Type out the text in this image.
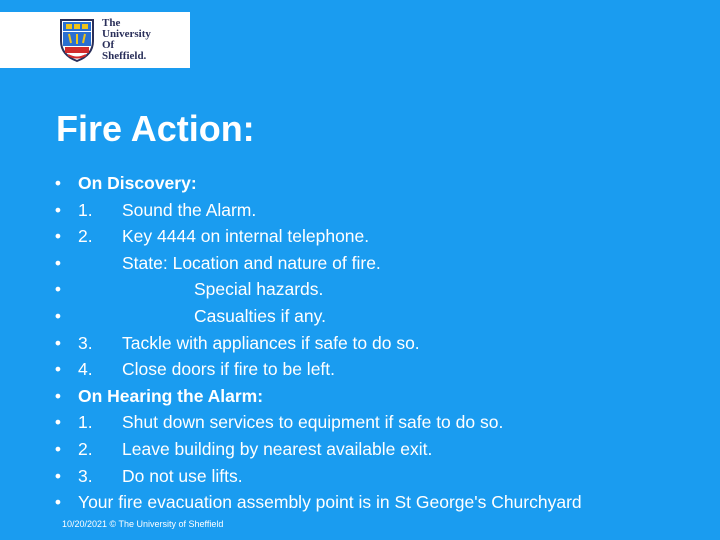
The
University
Of
Sheffield.
Fire Action:
• On Discovery:
• 1. Sound the Alarm.
• 2. Key 4444 on internal telephone.
•	State: Location and nature of fire.
•	Special hazards.
•	Casualties if any.
• 3. Tackle with appliances if safe to do so.
• 4. Close doors if fire to be left.
• On Hearing the Alarm:
• 1. Shut down services to equipment if safe to do so.
• 2. Leave building by nearest available exit.
• 3. Do not use lifts.
• Your fire evacuation assembly point is in St George's Churchyard
10/20/2021 © The University of Sheffield
